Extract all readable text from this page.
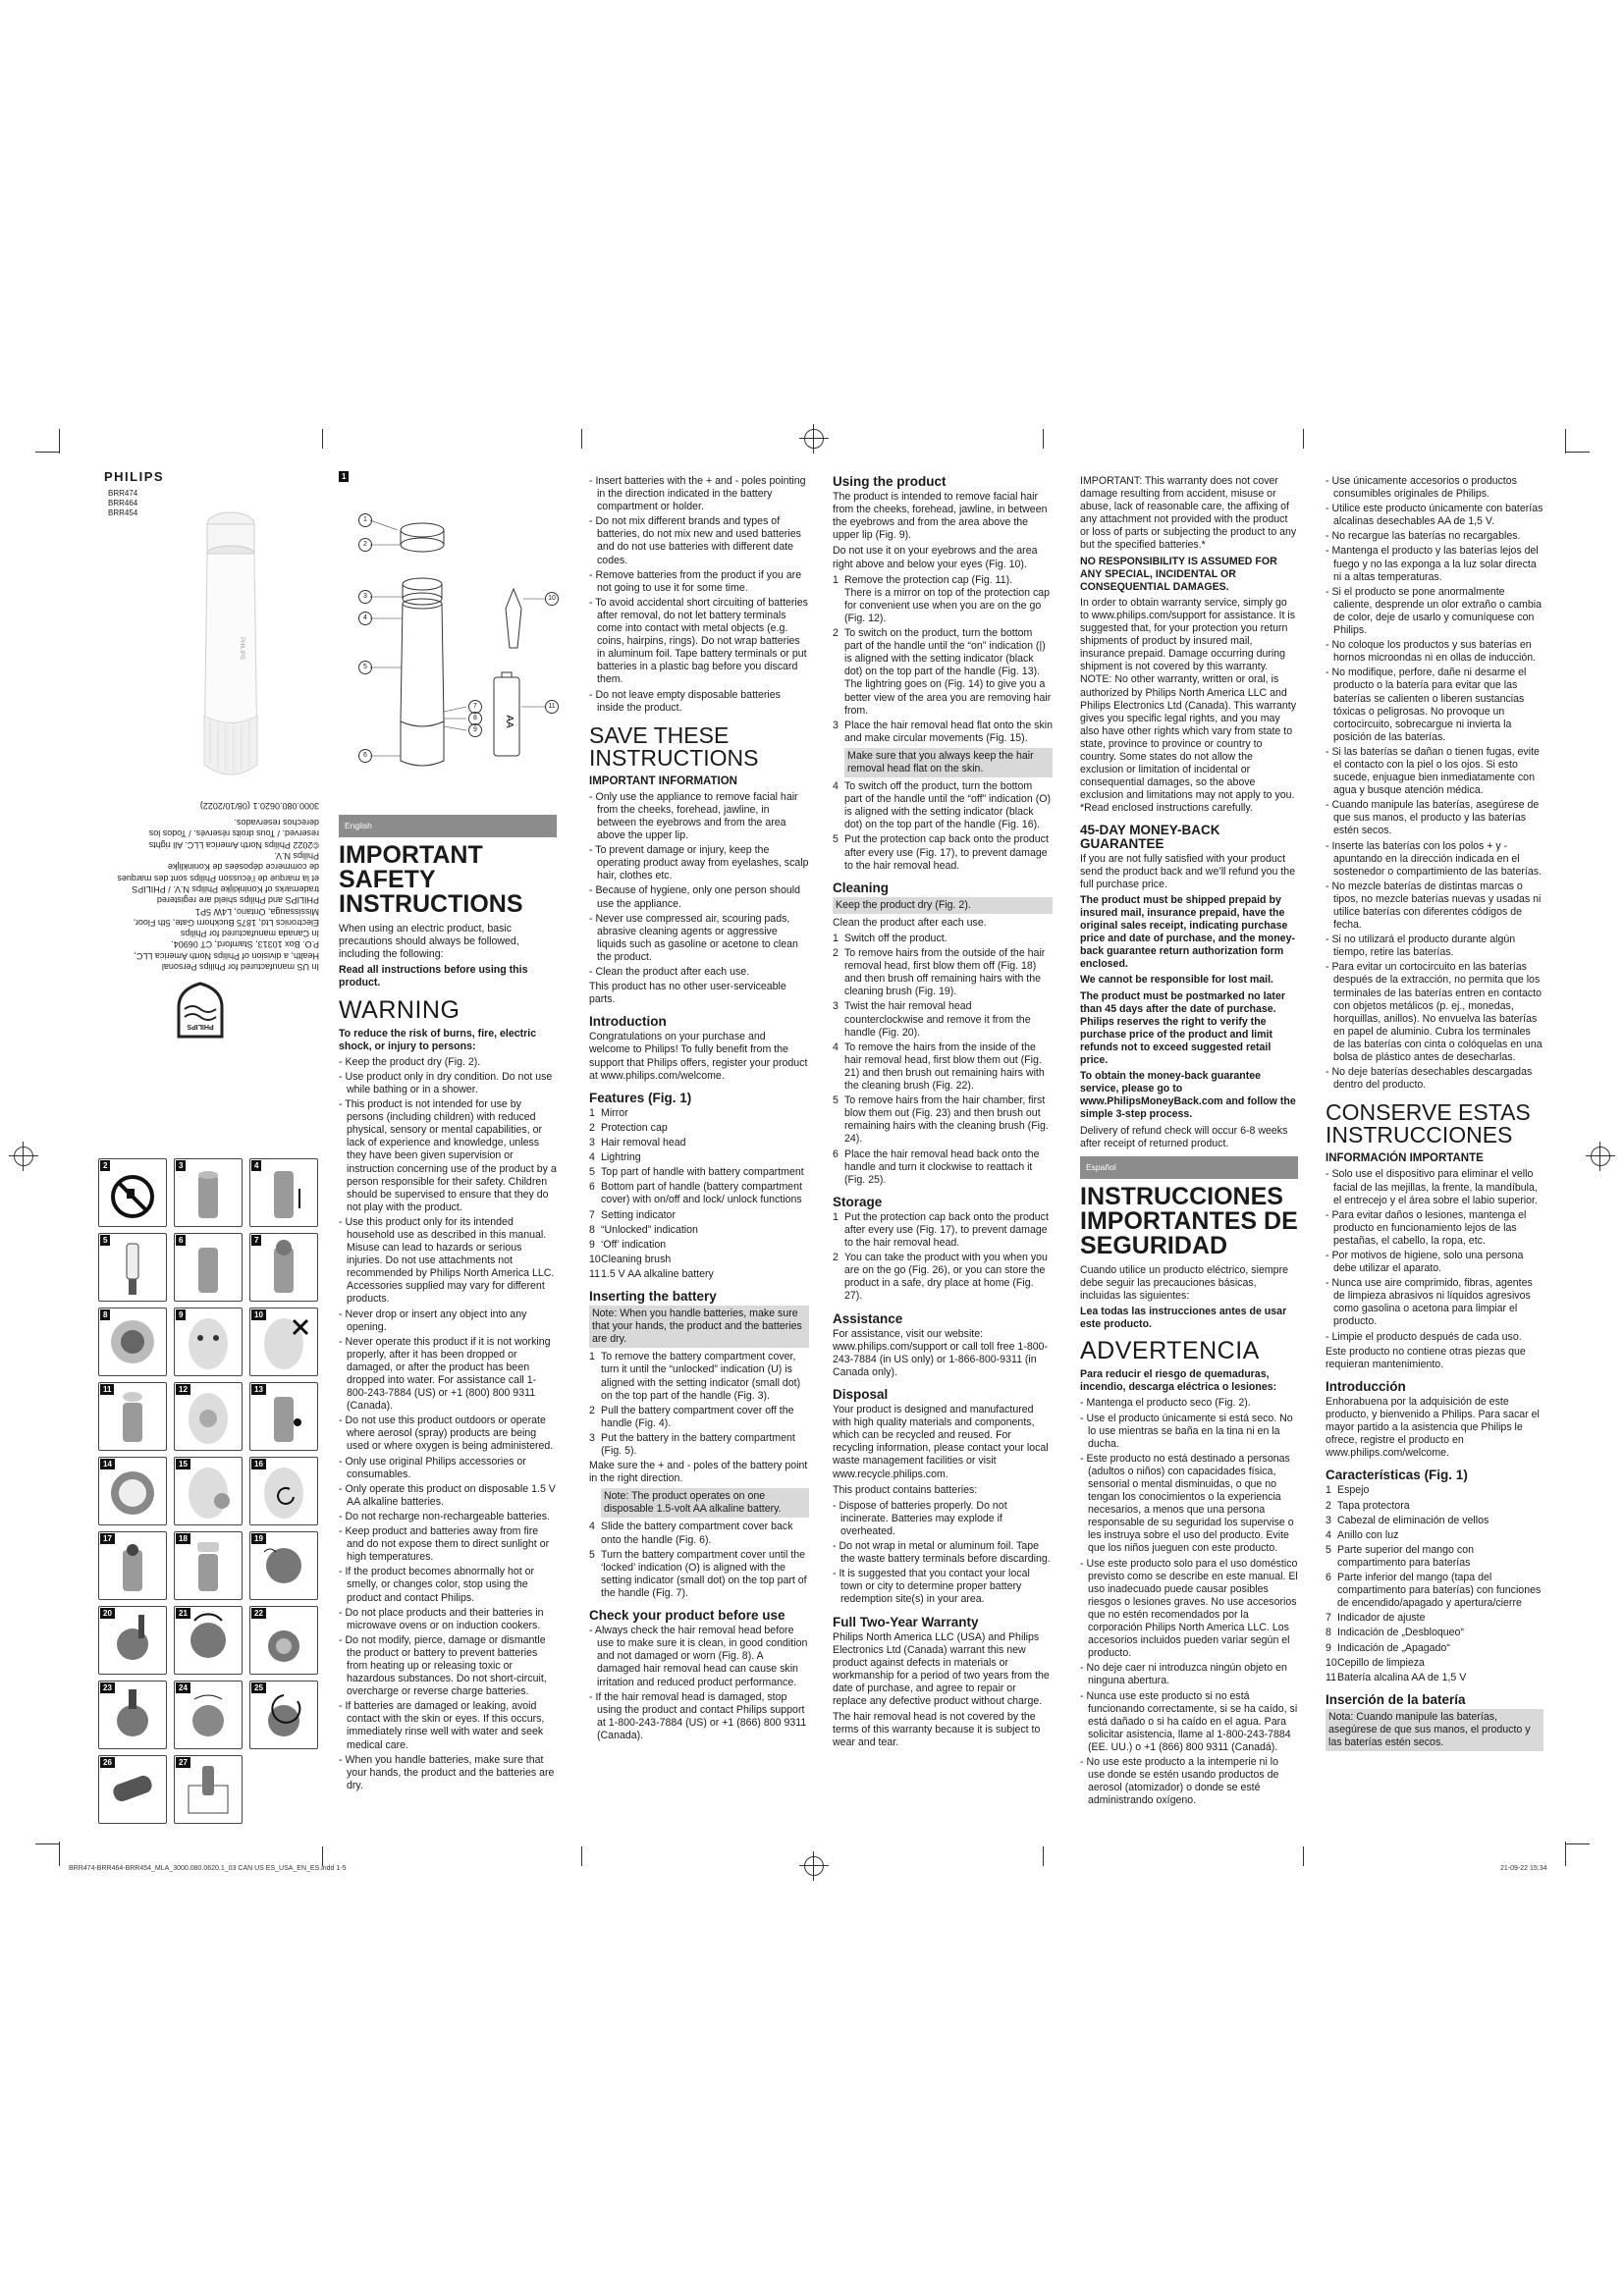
PHILIPS
BRR474
BRR464
BRR454
PHILIPS
In US manufactured for Philips Personal
Health, a division of Philips North America LLC,
P.O. Box 10313, Stamford, CT 06904.
In Canada manufactured for Philips
Electronics Ltd, 1875 Buckhorn Gate, 5th Floor,
Mississauga, Ontario, L4W 5P1
PHILIPS and Philips shield are registered
trademarks of Koninklijke Philips N.V. / PHILIPS
et la marque de l’écusson Philips sont des marques
de commerce déposées de Koninklijke
Philips N.V.
©2022 Philips North America LLC. All rights
reserved. / Tous droits réservés. / Todos los
derechos reservados.
3000.080.0620.1 (08/10/2022)
PHILIPS
1
AA
1
2
3
4
5
6
7
8
9
10
11
2	3	4
5	6	7
8	9	10
11	12	13
14	15	16
17	18	19
20	21	22
23	24	25
26	27
English
IMPORTANT SAFETY INSTRUCTIONS

When using an electric product, basic precautions should always be followed, including the following:

Read all instructions before using this product.

WARNING

To reduce the risk of burns, fire, electric shock, or injury to persons:

- Keep the product dry (Fig. 2).
- Use product only in dry condition. Do not use while bathing or in a shower.
- This product is not intended for use by persons (including children) with reduced physical, sensory or mental capabilities, or lack of experience and knowledge, unless they have been given supervision or instruction concerning use of the product by a person responsible for their safety. Children should be supervised to ensure that they do not play with the product.
- Use this product only for its intended household use as described in this manual. Misuse can lead to hazards or serious injuries. Do not use attachments not recommended by Philips North America LLC. Accessories supplied may vary for different products.
- Never drop or insert any object into any opening.
- Never operate this product if it is not working properly, after it has been dropped or damaged, or after the product has been dropped into water. For assistance call 1-800-243-7884 (US) or +1 (800) 800 9311 (Canada).
- Do not use this product outdoors or operate where aerosol (spray) products are being used or where oxygen is being administered.
- Only use original Philips accessories or consumables.
- Only operate this product on disposable 1.5 V AA alkaline batteries.
- Do not recharge non-rechargeable batteries.
- Keep product and batteries away from fire and do not expose them to direct sunlight or high temperatures.
- If the product becomes abnormally hot or smelly, or changes color, stop using the product and contact Philips.
- Do not place products and their batteries in microwave ovens or on induction cookers.
- Do not modify, pierce, damage or dismantle the product or battery to prevent batteries from heating up or releasing toxic or hazardous substances. Do not short-circuit, overcharge or reverse charge batteries.
- If batteries are damaged or leaking, avoid contact with the skin or eyes. If this occurs, immediately rinse well with water and seek medical care.
- When you handle batteries, make sure that your hands, the product and the batteries are dry.
- Insert batteries with the + and - poles pointing in the direction indicated in the battery compartment or holder.
- Do not mix different brands and types of batteries, do not mix new and used batteries and do not use batteries with different date codes.
- Remove batteries from the product if you are not going to use it for some time.
- To avoid accidental short circuiting of batteries after removal, do not let battery terminals come into contact with metal objects (e.g. coins, hairpins, rings). Do not wrap batteries in aluminum foil. Tape battery terminals or put batteries in a plastic bag before you discard them.
- Do not leave empty disposable batteries inside the product.
SAVE THESE INSTRUCTIONS
IMPORTANT INFORMATION
- Only use the appliance to remove facial hair from the cheeks, forehead, jawline, in between the eyebrows and from the area above the upper lip.
- To prevent damage or injury, keep the operating product away from eyelashes, scalp hair, clothes etc.
- Because of hygiene, only one person should use the appliance.
- Never use compressed air, scouring pads, abrasive cleaning agents or aggressive liquids such as gasoline or acetone to clean the product.
- Clean the product after each use.

This product has no other user-serviceable parts.

Introduction

Congratulations on your purchase and welcome to Philips! To fully benefit from the support that Philips offers, register your product at www.philips.com/welcome.

Features (Fig. 1)
1 Mirror
2 Protection cap
3 Hair removal head
4 Lightring
5 Top part of handle with battery compartment
6 Bottom part of handle (battery compartment cover) with on/off and lock/ unlock functions
7 Setting indicator
8 “Unlocked” indication
9 ‘Off’ indication
10 Cleaning brush
11 1.5 V AA alkaline battery
Inserting the battery
Note: When you handle batteries, make sure that your hands, the product and the batteries are dry.
1 To remove the battery compartment cover, turn it until the “unlocked” indication (U) is aligned with the setting indicator (small dot) on the top part of the handle (Fig. 3).
2 Pull the battery compartment cover off the handle (Fig. 4).
3 Put the battery in the battery compartment (Fig. 5).

Make sure the + and - poles of the battery point in the right direction.

Note: The product operates on one disposable 1.5-volt AA alkaline battery.
4 Slide the battery compartment cover back onto the handle (Fig. 6).
5 Turn the battery compartment cover until the ‘locked’ indication (O) is aligned with the setting indicator (small dot) on the top part of the handle (Fig. 7).
Check your product before use
- Always check the hair removal head before use to make sure it is clean, in good condition and not damaged or worn (Fig. 8). A damaged hair removal head can cause skin irritation and reduced product performance.
- If the hair removal head is damaged, stop using the product and contact Philips support at 1-800-243-7884 (US) or +1 (866) 800 9311 (Canada).
Using the product

The product is intended to remove facial hair from the cheeks, forehead, jawline, in between the eyebrows and from the area above the upper lip (Fig. 9).

Do not use it on your eyebrows and the area right above and below your eyes (Fig. 10).

1 Remove the protection cap (Fig. 11).
There is a mirror on top of the protection cap for convenient use when you are on the go (Fig. 12).
2 To switch on the product, turn the bottom part of the handle until the “on” indication (|) is aligned with the setting indicator (black dot) on the top part of the handle (Fig. 13).
The lightring goes on (Fig. 14) to give you a better view of the area you are removing hair from.
3 Place the hair removal head flat onto the skin and make circular movements (Fig. 15).
Make sure that you always keep the hair removal head flat on the skin.
4 To switch off the product, turn the bottom part of the handle until the “off” indication (O) is aligned with the setting indicator (black dot) on the top part of the handle (Fig. 16).
5 Put the protection cap back onto the product after every use (Fig. 17), to prevent damage to the hair removal head.
Cleaning
Keep the product dry (Fig. 2).

Clean the product after each use.

1 Switch off the product.
2 To remove hairs from the outside of the hair removal head, first blow them off (Fig. 18) and then brush off remaining hairs with the cleaning brush (Fig. 19).
3 Twist the hair removal head counterclockwise and remove it from the handle (Fig. 20).
4 To remove the hairs from the inside of the hair removal head, first blow them out (Fig. 21) and then brush out remaining hairs with the cleaning brush (Fig. 22).
5 To remove hairs from the hair chamber, first blow them out (Fig. 23) and then brush out remaining hairs with the cleaning brush (Fig. 24).
6 Place the hair removal head back onto the handle and turn it clockwise to reattach it (Fig. 25).
Storage
1 Put the protection cap back onto the product after every use (Fig. 17), to prevent damage to the hair removal head.
2 You can take the product with you when you are on the go (Fig. 26), or you can store the product in a safe, dry place at home (Fig. 27).
Assistance

For assistance, visit our website: www.philips.com/support or call toll free 1-800-243-7884 (in US only) or 1-866-800-9311 (in Canada only).

Disposal

Your product is designed and manufactured with high quality materials and components, which can be recycled and reused. For recycling information, please contact your local waste management facilities or visit www.recycle.philips.com.

This product contains batteries:

- Dispose of batteries properly. Do not incinerate. Batteries may explode if overheated.
- Do not wrap in metal or aluminum foil. Tape the waste battery terminals before discarding.
- It is suggested that you contact your local town or city to determine proper battery redemption site(s) in your area.
Full Two-Year Warranty

Philips North America LLC (USA) and Philips Electronics Ltd (Canada) warrant this new product against defects in materials or workmanship for a period of two years from the date of purchase, and agree to repair or replace any defective product without charge.

The hair removal head is not covered by the terms of this warranty because it is subject to wear and tear.

IMPORTANT: This warranty does not cover damage resulting from accident, misuse or abuse, lack of reasonable care, the affixing of any attachment not provided with the product or loss of parts or subjecting the product to any but the specified batteries.*

NO RESPONSIBILITY IS ASSUMED FOR ANY SPECIAL, INCIDENTAL OR CONSEQUENTIAL DAMAGES.

In order to obtain warranty service, simply go to www.philips.com/support for assistance. It is suggested that, for your protection you return shipments of product by insured mail, insurance prepaid. Damage occurring during shipment is not covered by this warranty. NOTE: No other warranty, written or oral, is authorized by Philips North America LLC and Philips Electronics Ltd (Canada). This warranty gives you specific legal rights, and you may also have other rights which vary from state to state, province to province or country to country. Some states do not allow the exclusion or limitation of incidental or consequential damages, so the above exclusion and limitations may not apply to you. *Read enclosed instructions carefully.

45-DAY MONEY-BACK GUARANTEE

If you are not fully satisfied with your product send the product back and we’ll refund you the full purchase price.

The product must be shipped prepaid by insured mail, insurance prepaid, have the original sales receipt, indicating purchase price and date of purchase, and the money-back guarantee return authorization form enclosed.

We cannot be responsible for lost mail.

The product must be postmarked no later than 45 days after the date of purchase. Philips reserves the right to verify the purchase price of the product and limit refunds not to exceed suggested retail price.

To obtain the money-back guarantee service, please go to www.PhilipsMoneyBack.com and follow the simple 3-step process.

Delivery of refund check will occur 6-8 weeks after receipt of returned product.

Español
INSTRUCCIONES IMPORTANTES DE SEGURIDAD

Cuando utilice un producto eléctrico, siempre debe seguir las precauciones básicas, incluidas las siguientes:

Lea todas las instrucciones antes de usar este producto.

ADVERTENCIA

Para reducir el riesgo de quemaduras, incendio, descarga eléctrica o lesiones:

- Mantenga el producto seco (Fig. 2).
- Use el producto únicamente si está seco. No lo use mientras se baña en la tina ni en la ducha.
- Este producto no está destinado a personas (adultos o niños) con capacidades física, sensorial o mental disminuidas, o que no tengan los conocimientos o la experiencia necesarios, a menos que una persona responsable de su seguridad los supervise o les instruya sobre el uso del producto. Evite que los niños jueguen con este producto.
- Use este producto solo para el uso doméstico previsto como se describe en este manual. El uso inadecuado puede causar posibles riesgos o lesiones graves. No use accesorios que no estén recomendados por la corporación Philips North America LLC. Los accesorios incluidos pueden variar según el producto.
- No deje caer ni introduzca ningún objeto en ninguna abertura.
- Nunca use este producto si no está funcionando correctamente, si se ha caído, si está dañado o si ha caído en el agua. Para solicitar asistencia, llame al 1-800-243-7884 (EE. UU.) o +1 (866) 800 9311 (Canadá).
- No use este producto a la intemperie ni lo use donde se estén usando productos de aerosol (atomizador) o donde se esté administrando oxígeno.
- Use únicamente accesorios o productos consumibles originales de Philips.
- Utilice este producto únicamente con baterías alcalinas desechables AA de 1,5 V.
- No recargue las baterías no recargables.
- Mantenga el producto y las baterías lejos del fuego y no las exponga a la luz solar directa ni a altas temperaturas.
- Si el producto se pone anormalmente caliente, desprende un olor extraño o cambia de color, deje de usarlo y comuníquese con Philips.
- No coloque los productos y sus baterías en hornos microondas ni en ollas de inducción.
- No modifique, perfore, dañe ni desarme el producto o la batería para evitar que las baterías se calienten o liberen sustancias tóxicas o peligrosas. No provoque un cortocircuito, sobrecargue ni invierta la posición de las baterías.
- Si las baterías se dañan o tienen fugas, evite el contacto con la piel o los ojos. Si esto sucede, enjuague bien inmediatamente con agua y busque atención médica.
- Cuando manipule las baterías, asegúrese de que sus manos, el producto y las baterías estén secos.
- Inserte las baterías con los polos + y - apuntando en la dirección indicada en el sostenedor o compartimiento de las baterías.
- No mezcle baterías de distintas marcas o tipos, no mezcle baterías nuevas y usadas ni utilice baterías con diferentes códigos de fecha.
- Si no utilizará el producto durante algún tiempo, retire las baterías.
- Para evitar un cortocircuito en las baterías después de la extracción, no permita que los terminales de las baterías entren en contacto con objetos metálicos (p. ej., monedas, horquillas, anillos). No envuelva las baterías en papel de aluminio. Cubra los terminales de las baterías con cinta o colóquelas en una bolsa de plástico antes de desecharlas.
- No deje baterías desechables descargadas dentro del producto.
CONSERVE ESTAS INSTRUCCIONES
INFORMACIÓN IMPORTANTE
- Solo use el dispositivo para eliminar el vello facial de las mejillas, la frente, la mandíbula, el entrecejo y el área sobre el labio superior.
- Para evitar daños o lesiones, mantenga el producto en funcionamiento lejos de las pestañas, el cabello, la ropa, etc.
- Por motivos de higiene, solo una persona debe utilizar el aparato.
- Nunca use aire comprimido, fibras, agentes de limpieza abrasivos ni líquidos agresivos como gasolina o acetona para limpiar el producto.
- Limpie el producto después de cada uso.

Este producto no contiene otras piezas que requieran mantenimiento.

Introducción

Enhorabuena por la adquisición de este producto, y bienvenido a Philips. Para sacar el mayor partido a la asistencia que Philips le ofrece, registre el producto en www.philips.com/welcome.

Características (Fig. 1)
1 Espejo
2 Tapa protectora
3 Cabezal de eliminación de vellos
4 Anillo con luz
5 Parte superior del mango con compartimento para baterías
6 Parte inferior del mango (tapa del compartimento para baterías) con funciones de encendido/apagado y apertura/cierre
7 Indicador de ajuste
8 Indicación de „Desbloqueo“
9 Indicación de „Apagado“
10 Cepillo de limpieza
11 Batería alcalina AA de 1,5 V
Inserción de la batería
Nota: Cuando manipule las baterías, asegúrese de que sus manos, el producto y las baterías estén secos.
BRR474-BRR464-BRR454_MLA_3000.080.0620.1_03 CAN US ES_USA_EN_ES.indd 1-5	21-09-22 15:34
